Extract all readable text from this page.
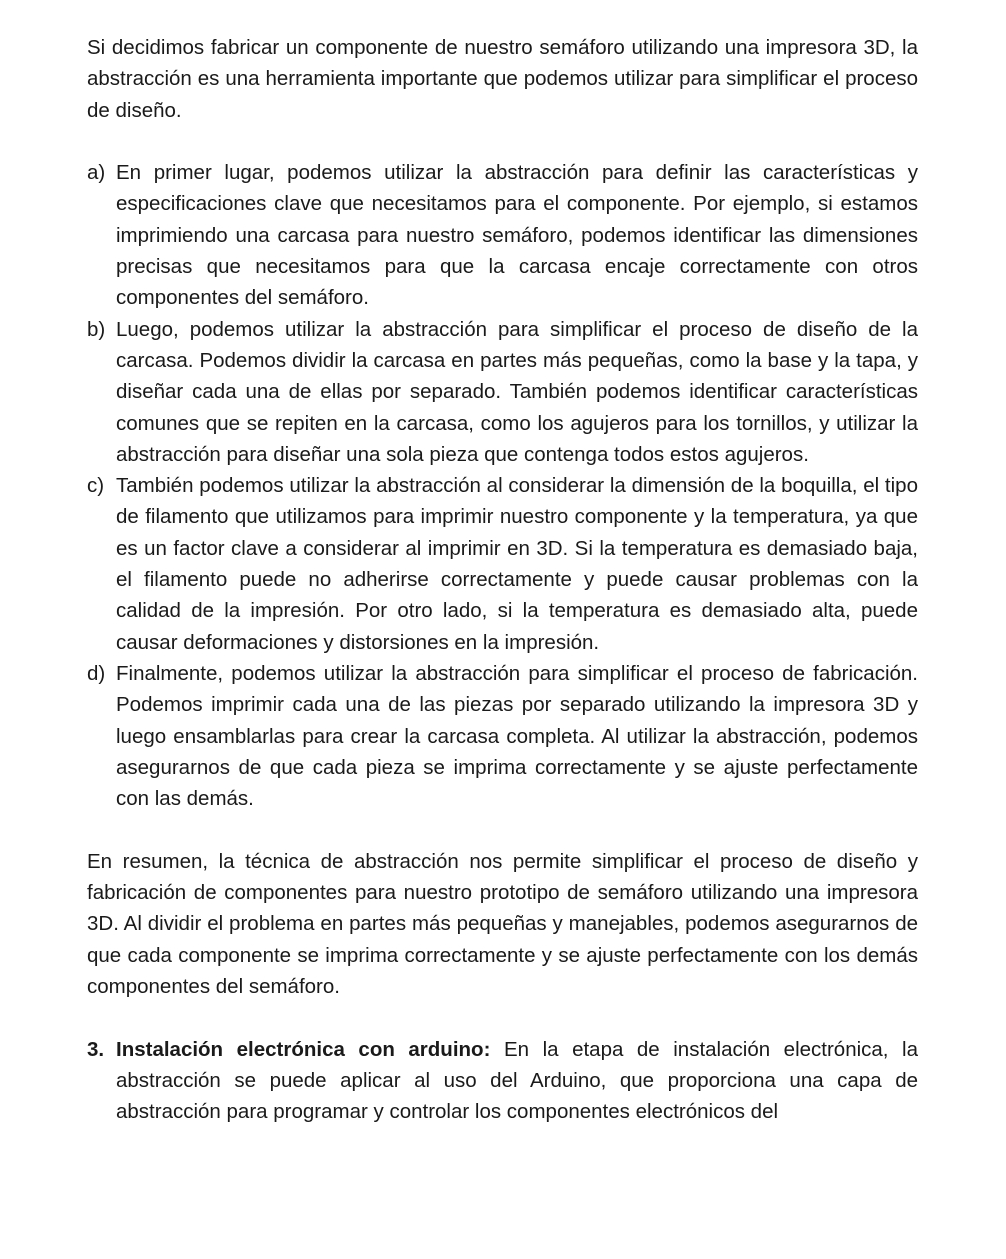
Si decidimos fabricar un componente de nuestro semáforo utilizando una impresora 3D, la abstracción es una herramienta importante que podemos utilizar para simplificar el proceso de diseño.

a) En primer lugar, podemos utilizar la abstracción para definir las características y especificaciones clave que necesitamos para el componente. Por ejemplo, si estamos imprimiendo una carcasa para nuestro semáforo, podemos identificar las dimensiones precisas que necesitamos para que la carcasa encaje correctamente con otros componentes del semáforo.

b) Luego, podemos utilizar la abstracción para simplificar el proceso de diseño de la carcasa. Podemos dividir la carcasa en partes más pequeñas, como la base y la tapa, y diseñar cada una de ellas por separado. También podemos identificar características comunes que se repiten en la carcasa, como los agujeros para los tornillos, y utilizar la abstracción para diseñar una sola pieza que contenga todos estos agujeros.

c) También podemos utilizar la abstracción al considerar la dimensión de la boquilla, el tipo de filamento que utilizamos para imprimir nuestro componente y la temperatura, ya que es un factor clave a considerar al imprimir en 3D. Si la temperatura es demasiado baja, el filamento puede no adherirse correctamente y puede causar problemas con la calidad de la impresión. Por otro lado, si la temperatura es demasiado alta, puede causar deformaciones y distorsiones en la impresión.

d) Finalmente, podemos utilizar la abstracción para simplificar el proceso de fabricación. Podemos imprimir cada una de las piezas por separado utilizando la impresora 3D y luego ensamblarlas para crear la carcasa completa. Al utilizar la abstracción, podemos asegurarnos de que cada pieza se imprima correctamente y se ajuste perfectamente con las demás.

En resumen, la técnica de abstracción nos permite simplificar el proceso de diseño y fabricación de componentes para nuestro prototipo de semáforo utilizando una impresora 3D. Al dividir el problema en partes más pequeñas y manejables, podemos asegurarnos de que cada componente se imprima correctamente y se ajuste perfectamente con los demás componentes del semáforo.

3. Instalación electrónica con arduino: En la etapa de instalación electrónica, la abstracción se puede aplicar al uso del Arduino, que proporciona una capa de abstracción para programar y controlar los componentes electrónicos del
